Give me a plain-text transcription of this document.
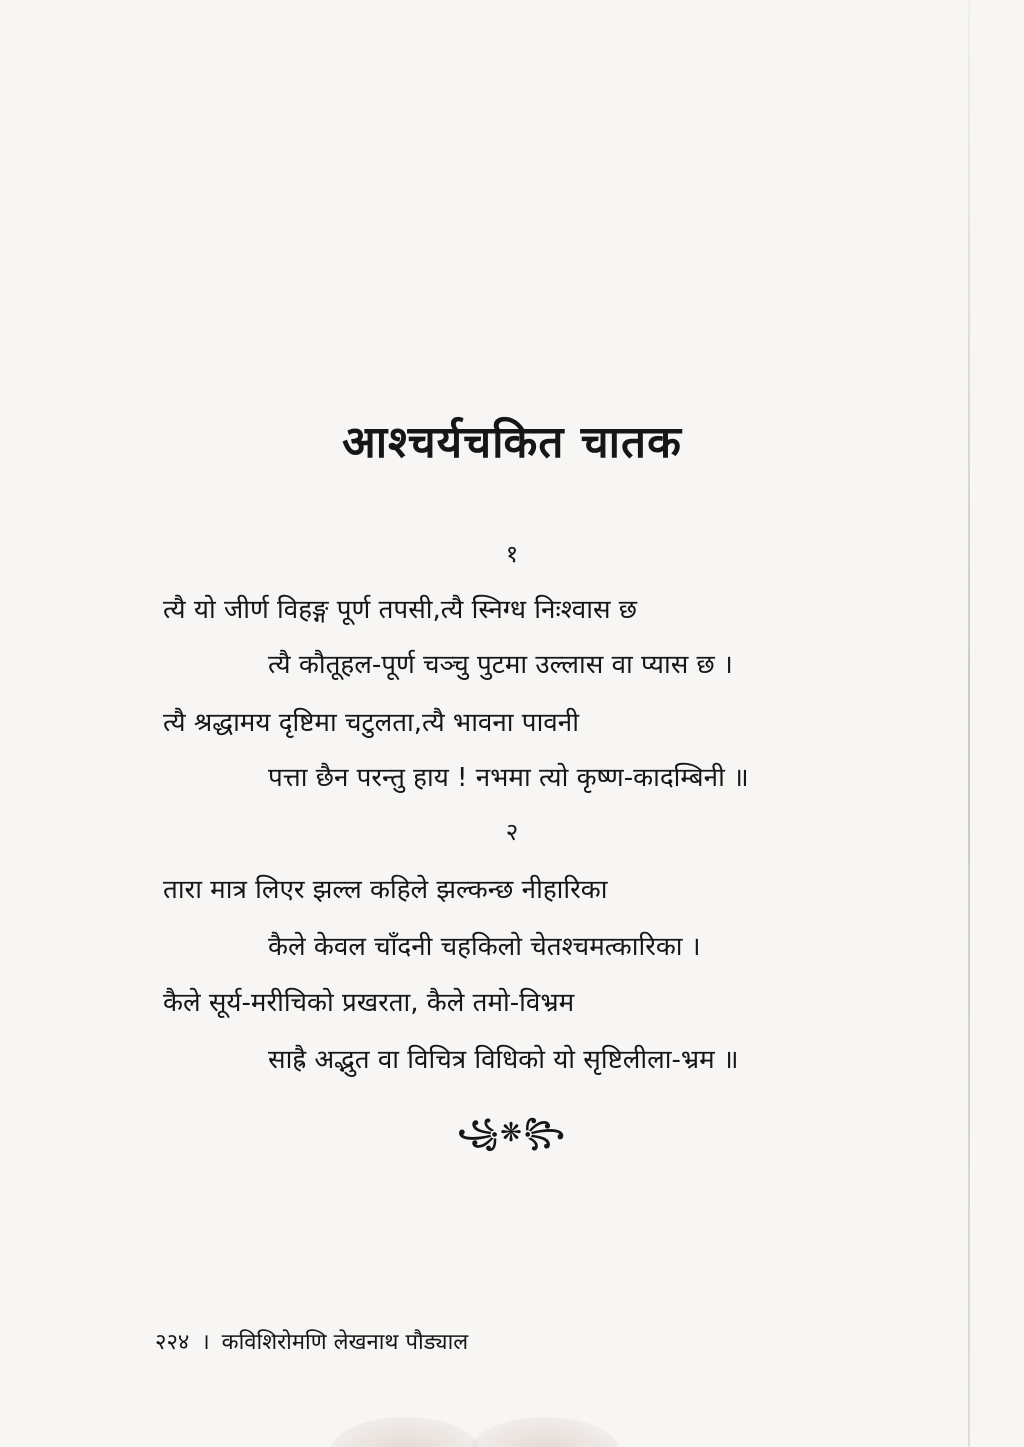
आश्चर्यचकित चातक
१

त्यै यो जीर्ण विहङ्ग पूर्ण तपसी,त्यै स्निग्ध निःश्वास छ

त्यै कौतूहल-पूर्ण चञ्चु पुटमा उल्लास वा प्यास छ ।

त्यै श्रद्धामय दृष्टिमा चटुलता,त्यै भावना पावनी

पत्ता छैन परन्तु हाय ! नभमा त्यो कृष्ण-कादम्बिनी ॥

२

तारा मात्र लिएर झल्ल कहिले झल्कन्छ नीहारिका

कैले केवल चाँदनी चहकिलो चेतश्चमत्कारिका ।

कैले सूर्य-मरीचिको प्रखरता, कैले तमो-विभ्रम

साह्रै अद्भुत वा विचित्र विधिको यो सृष्टिलीला-भ्रम ॥

꧁❋꧂
२२४ । कविशिरोमणि लेखनाथ पौड्याल
